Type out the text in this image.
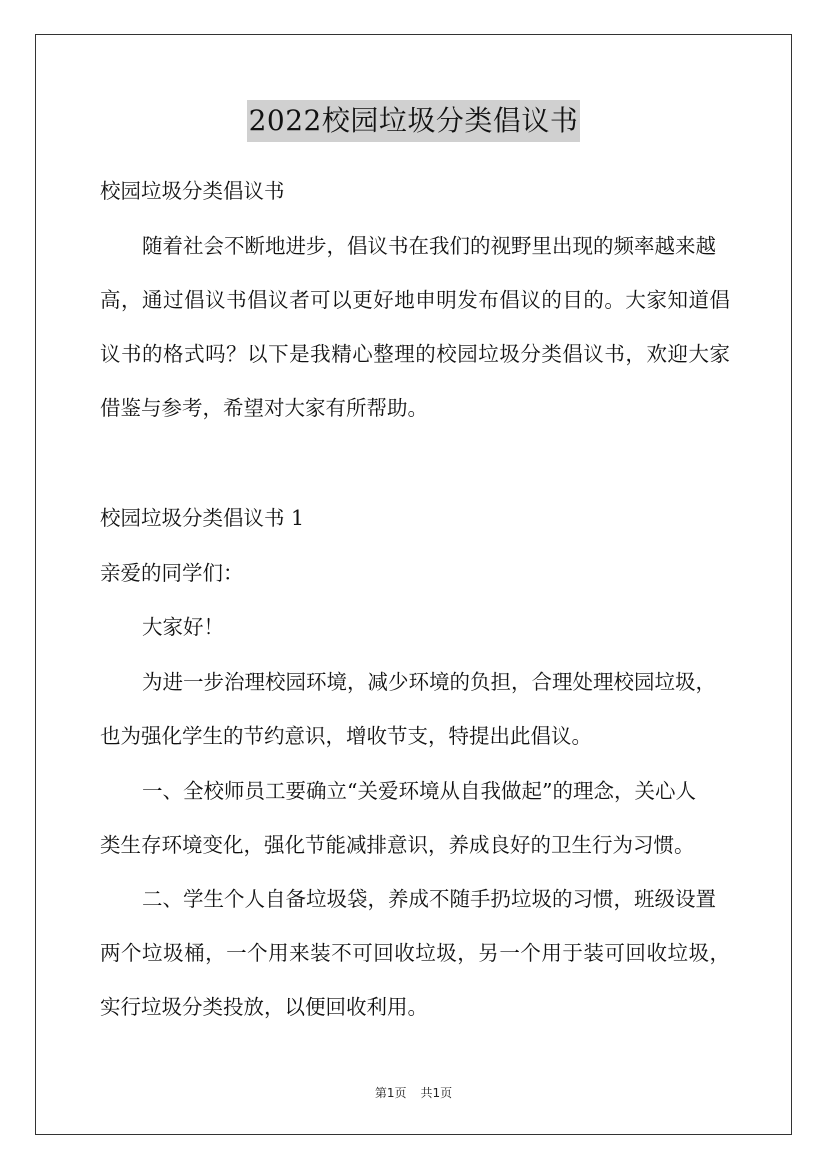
2022校园垃圾分类倡议书
校园垃圾分类倡议书
随着社会不断地进步，倡议书在我们的视野里出现的频率越来越
高，通过倡议书倡议者可以更好地申明发布倡议的目的。大家知道倡
议书的格式吗？以下是我精心整理的校园垃圾分类倡议书，欢迎大家
借鉴与参考，希望对大家有所帮助。
校园垃圾分类倡议书 1
亲爱的同学们：
大家好！
为进一步治理校园环境，减少环境的负担，合理处理校园垃圾，
也为强化学生的节约意识，增收节支，特提出此倡议。
一、全校师员工要确立“关爱环境从自我做起”的理念，关心人
类生存环境变化，强化节能减排意识，养成良好的卫生行为习惯。
二、学生个人自备垃圾袋，养成不随手扔垃圾的习惯，班级设置
两个垃圾桶，一个用来装不可回收垃圾，另一个用于装可回收垃圾，
实行垃圾分类投放，以便回收利用。
第1页 共1页
